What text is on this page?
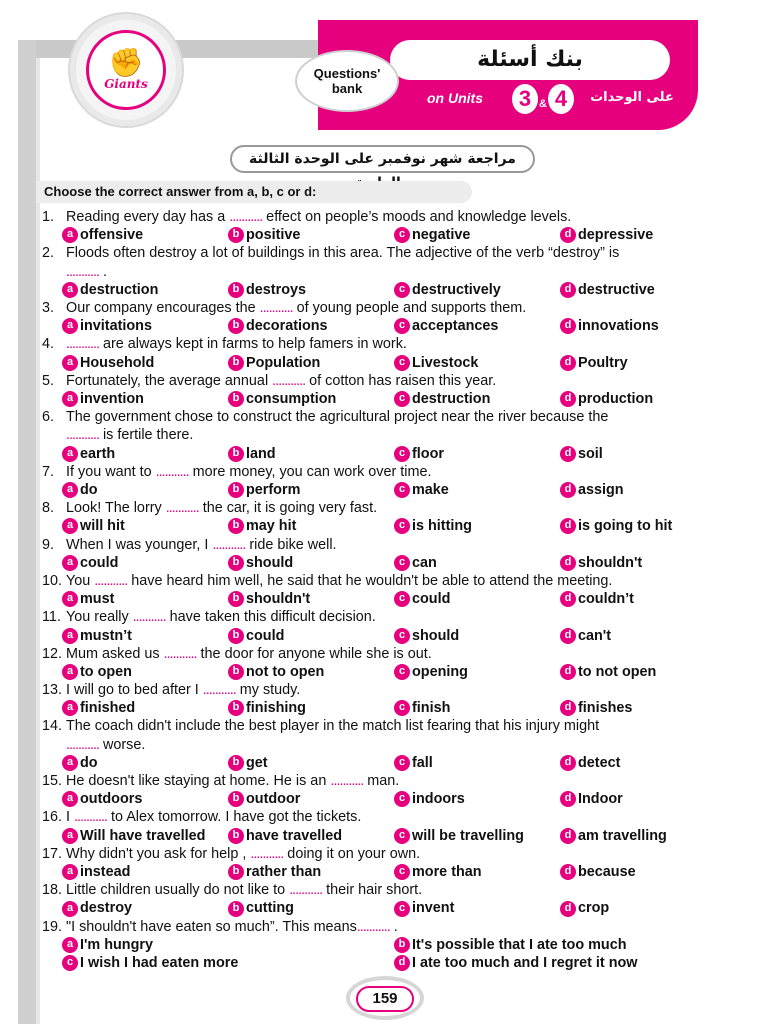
بنك أسئلة
Questions'
bank
on Units	3 & 4	على الوحدات
✊
Giants
مراجعة شهر نوفمبر على الوحدة الثالثة
Choose the correct answer from a, b, c or d:
1. Reading every day has a ........... effect on people’s moods and knowledge levels.
a offensive	b positive	c negative	d depressive
2. Floods often destroy a lot of buildings in this area. The adjective of the verb “destroy” is
........... .
a destruction	b destroys	c destructively	d destructive
3. Our company encourages the ........... of young people and supports them.
a invitations	b decorations	c acceptances	d innovations
4. ........... are always kept in farms to help famers in work.
a Household	b Population	c Livestock	d Poultry
5. Fortunately, the average annual ........... of cotton has raisen this year.
a invention	b consumption	c destruction	d production
6. The government chose to construct the agricultural project near the river because the
........... is fertile there.
a earth	b land	c floor	d soil
7. If you want to ........... more money, you can work over time.
a do	b perform	c make	d assign
8. Look! The lorry ........... the car, it is going very fast.
a will hit	b may hit	c is hitting	d is going to hit
9. When I was younger, I ........... ride bike well.
a could	b should	c can	d shouldn't
10. You ........... have heard him well, he said that he wouldn't be able to attend the meeting.
a must	b shouldn't	c could	d couldn’t
11. You really ........... have taken this difficult decision.
a mustn’t	b could	c should	d can't
12. Mum asked us ........... the door for anyone while she is out.
a to open	b not to open	c opening	d to not open
13. I will go to bed after I ........... my study.
a finished	b finishing	c finish	d finishes
14. The coach didn't include the best player in the match list fearing that his injury might
........... worse.
a do	b get	c fall	d detect
15. He doesn't like staying at home. He is an ........... man.
a outdoors	b outdoor	c indoors	d Indoor
16. I ........... to Alex tomorrow. I have got the tickets.
a Will have travelled	b have travelled	c will be travelling	d am travelling
17. Why didn't you ask for help , ........... doing it on your own.
a instead	b rather than	c more than	d because
18. Little children usually do not like to ........... their hair short.
a destroy	b cutting	c invent	d crop
19. "I shouldn't have eaten so much”. This means........... .
a I'm hungry	b It's possible that I ate too much
c I wish I had eaten more	d I ate too much and I regret it now
159
